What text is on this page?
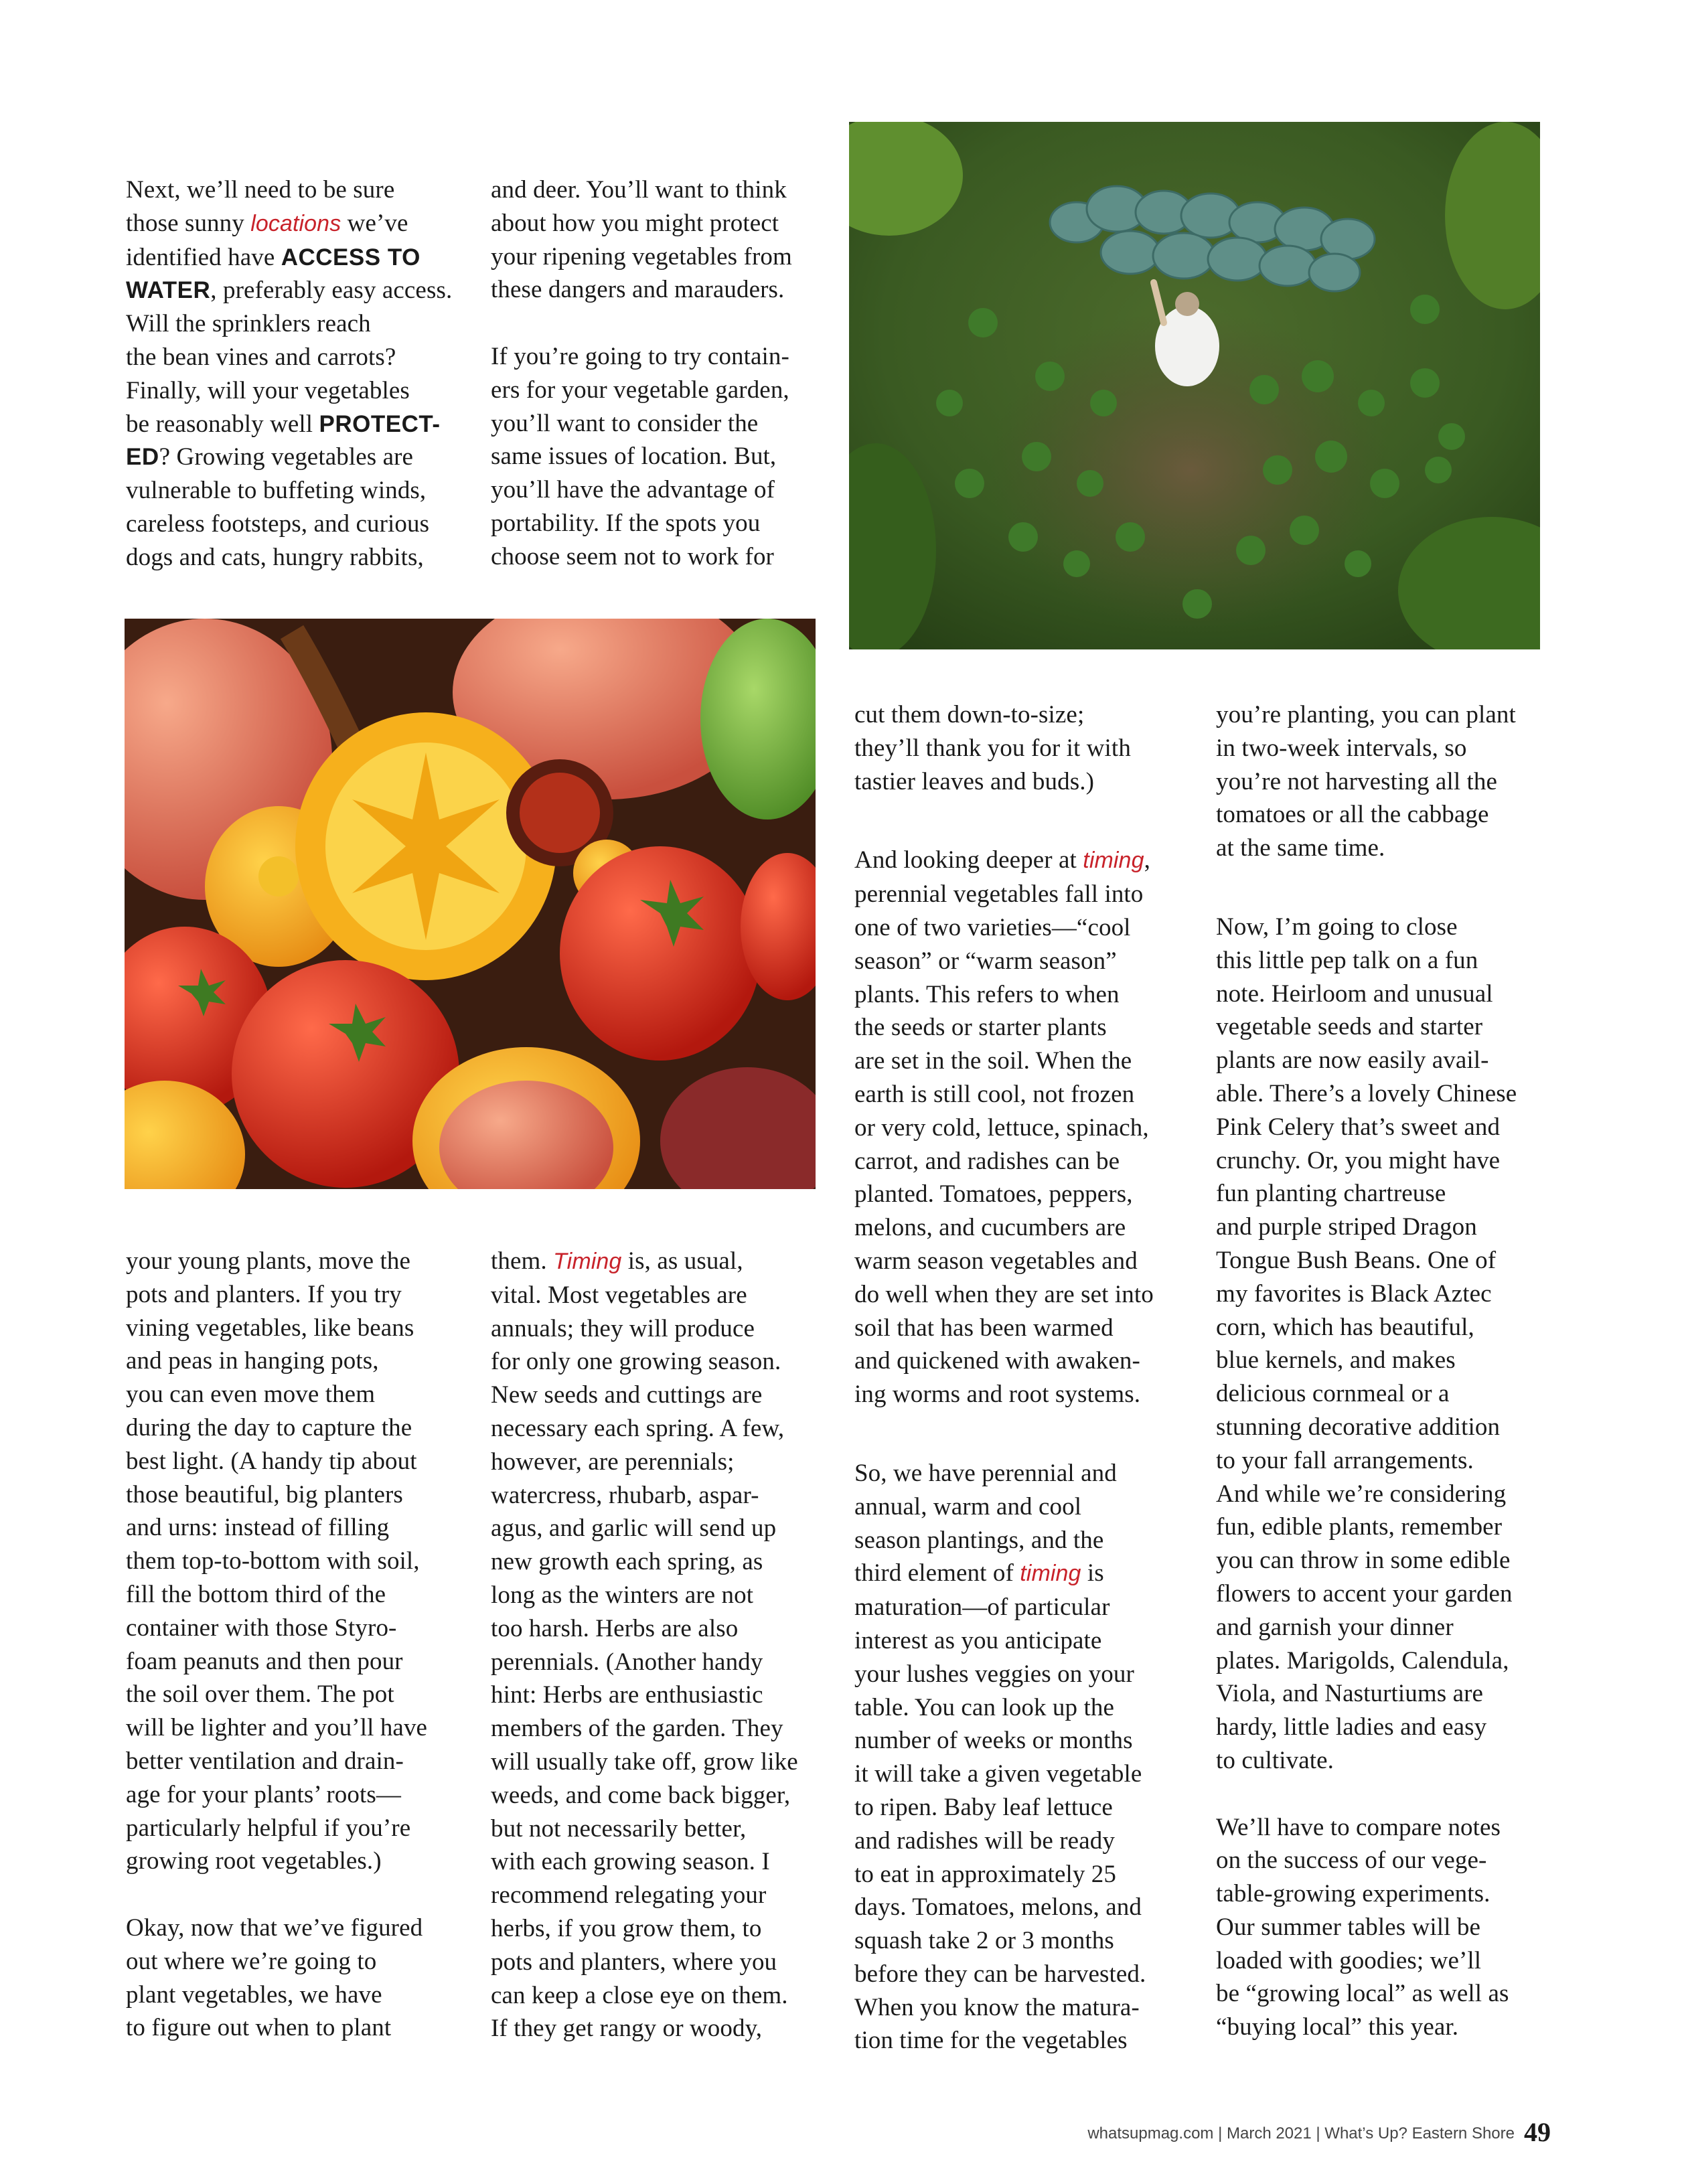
Next, we’ll need to be sure

those sunny locations we’ve

identified have ACCESS TO

WATER, preferably easy access.

Will the sprinklers reach

the bean vines and carrots?

Finally, will your vegetables

be reasonably well PROTECT-

ED? Growing vegetables are

vulnerable to buffeting winds,

careless footsteps, and curious

dogs and cats, hungry rabbits,

and deer. You’ll want to think

about how you might protect

your ripening vegetables from

these dangers and marauders.

If you’re going to try contain-

ers for your vegetable garden,

you’ll want to consider the

same issues of location. But,

you’ll have the advantage of

portability. If the spots you

choose seem not to work for

your young plants, move the

pots and planters. If you try

vining vegetables, like beans

and peas in hanging pots,

you can even move them

during the day to capture the

best light. (A handy tip about

those beautiful, big planters

and urns: instead of filling

them top-to-bottom with soil,

fill the bottom third of the

container with those Styro-

foam peanuts and then pour

the soil over them. The pot

will be lighter and you’ll have

better ventilation and drain-

age for your plants’ roots—

particularly helpful if you’re

growing root vegetables.)

Okay, now that we’ve figured

out where we’re going to

plant vegetables, we have

to figure out when to plant

them. Timing is, as usual,

vital. Most vegetables are

annuals; they will produce

for only one growing season.

New seeds and cuttings are

necessary each spring. A few,

however, are perennials;

watercress, rhubarb, aspar-

agus, and garlic will send up

new growth each spring, as

long as the winters are not

too harsh. Herbs are also

perennials. (Another handy

hint: Herbs are enthusiastic

members of the garden. They

will usually take off, grow like

weeds, and come back bigger,

but not necessarily better,

with each growing season. I

recommend relegating your

herbs, if you grow them, to

pots and planters, where you

can keep a close eye on them.

If they get rangy or woody,

cut them down-to-size;

they’ll thank you for it with

tastier leaves and buds.)

And looking deeper at timing,

perennial vegetables fall into

one of two varieties—“cool

season” or “warm season”

plants. This refers to when

the seeds or starter plants

are set in the soil. When the

earth is still cool, not frozen

or very cold, lettuce, spinach,

carrot, and radishes can be

planted. Tomatoes, peppers,

melons, and cucumbers are

warm season vegetables and

do well when they are set into

soil that has been warmed

and quickened with awaken-

ing worms and root systems.

So, we have perennial and

annual, warm and cool

season plantings, and the

third element of timing is

maturation—of particular

interest as you anticipate

your lushes veggies on your

table. You can look up the

number of weeks or months

it will take a given vegetable

to ripen. Baby leaf lettuce

and radishes will be ready

to eat in approximately 25

days. Tomatoes, melons, and

squash take 2 or 3 months

before they can be harvested.

When you know the matura-

tion time for the vegetables

you’re planting, you can plant

in two-week intervals, so

you’re not harvesting all the

tomatoes or all the cabbage

at the same time.

Now, I’m going to close

this little pep talk on a fun

note. Heirloom and unusual

vegetable seeds and starter

plants are now easily avail-

able. There’s a lovely Chinese

Pink Celery that’s sweet and

crunchy. Or, you might have

fun planting chartreuse

and purple striped Dragon

Tongue Bush Beans. One of

my favorites is Black Aztec

corn, which has beautiful,

blue kernels, and makes

delicious cornmeal or a

stunning decorative addition

to your fall arrangements.

And while we’re considering

fun, edible plants, remember

you can throw in some edible

flowers to accent your garden

and garnish your dinner

plates. Marigolds, Calendula,

Viola, and Nasturtiums are

hardy, little ladies and easy

to cultivate.

We’ll have to compare notes

on the success of our vege-

table-growing experiments.

Our summer tables will be

loaded with goodies; we’ll

be “growing local” as well as

“buying local” this year.

whatsupmag.com | March 2021 | What’s Up? Eastern Shore 49
